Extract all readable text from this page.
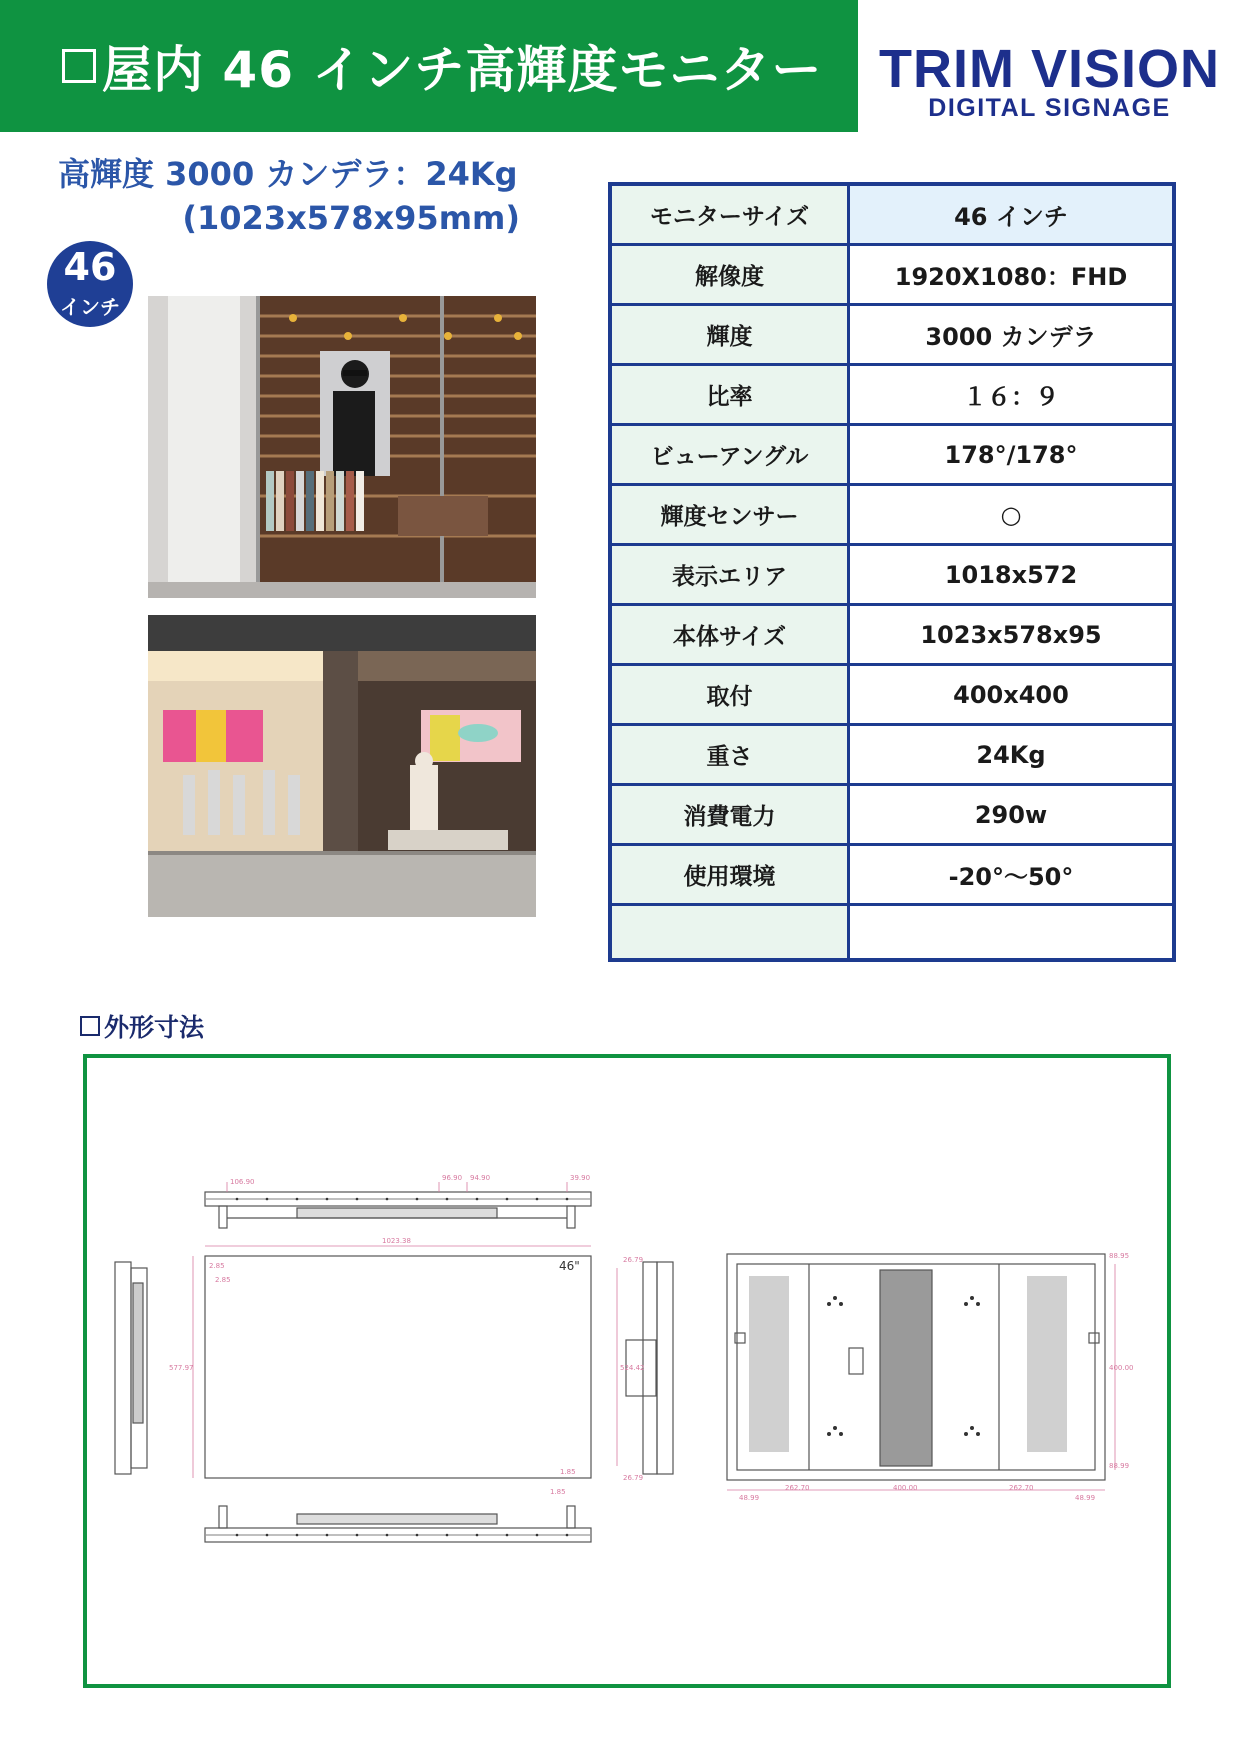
屋内 46 インチ高輝度モニター	TRIM VISION
DIGITAL SIGNAGE
高輝度 3000 カンデラ：24Kg
(1023x578x95mm)
46
インチ
モニターサイズ	46 インチ
解像度	1920X1080：FHD
輝度	3000 カンデラ
比率	１６：９
ビューアングル	178°/178°
輝度センサー	○
表示エリア	1018x572
本体サイズ	1023x578x95
取付	400x400
重さ	24Kg
消費電力	290w
使用環境	-20°～50°
外形寸法
106.90	96.90 94.90	39.90
1023.38
577.97	524.42
2.85
2.85
1.85
1.85
26.79
26.79
88.95
400.00
88.99
48.99
262.70	400.00	262.70
48.99
46"
